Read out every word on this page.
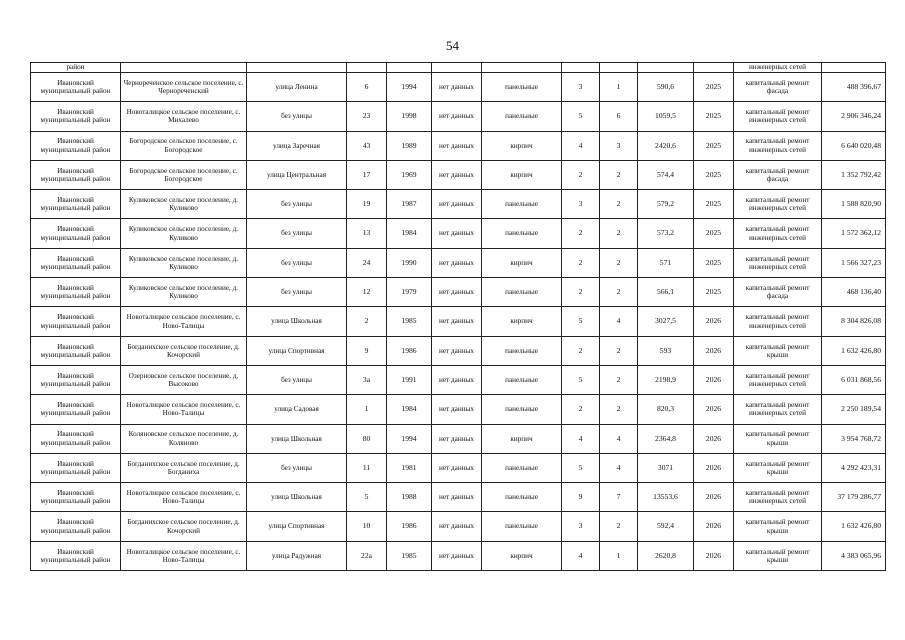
54
район											инженерных сетей	
Ивановский муниципальный район	Чернореченское сельское поселение, с. Чернореченский	улица Ленина	6	1994	нет данных	панельные	3	1	590,6	2025	капитальный ремонт фасада	488 396,67
Ивановский муниципальный район	Новоталицкое сельское поселение, с. Михалево	без улицы	23	1998	нет данных	панельные	5	6	1059,5	2025	капитальный ремонт инженерных сетей	2 906 346,24
Ивановский муниципальный район	Богородское сельское поселение, с. Богородское	улица Заречная	43	1989	нет данных	кирпич	4	3	2420,6	2025	капитальный ремонт инженерных сетей	6 640 020,48
Ивановский муниципальный район	Богородское сельское поселение, с. Богородское	улица Центральная	17	1969	нет данных	кирпич	2	2	574,4	2025	капитальный ремонт фасада	1 352 792,42
Ивановский муниципальный район	Куликовское сельское поселение, д. Куликово	без улицы	19	1987	нет данных	панельные	3	2	579,2	2025	капитальный ремонт инженерных сетей	1 588 820,90
Ивановский муниципальный район	Куликовское сельское поселение, д. Куликово	без улицы	13	1984	нет данных	панельные	2	2	573,2	2025	капитальный ремонт инженерных сетей	1 572 362,12
Ивановский муниципальный район	Куликовское сельское поселение, д. Куликово	без улицы	24	1990	нет данных	кирпич	2	2	571	2025	капитальный ремонт инженерных сетей	1 566 327,23
Ивановский муниципальный район	Куликовское сельское поселение, д. Куликово	без улицы	12	1979	нет данных	панельные	2	2	566,1	2025	капитальный ремонт фасада	468 136,40
Ивановский муниципальный район	Новоталицкое сельское поселение, с. Ново-Талицы	улица Школьная	2	1985	нет данных	кирпич	5	4	3027,5	2026	капитальный ремонт инженерных сетей	8 304 826,08
Ивановский муниципальный район	Богданихское сельское поселение, д. Кочорский	улица Спортивная	9	1986	нет данных	панельные	2	2	593	2026	капитальный ремонт крыши	1 632 426,80
Ивановский муниципальный район	Озерновское сельское поселение, д. Высоково	без улицы	3а	1991	нет данных	панельные	5	2	2198,9	2026	капитальный ремонт инженерных сетей	6 031 868,56
Ивановский муниципальный район	Новоталицкое сельское поселение, с. Ново-Талицы	улица Садовая	1	1984	нет данных	панельные	2	2	820,3	2026	капитальный ремонт инженерных сетей	2 250 189,54
Ивановский муниципальный район	Коляновское сельское поселение, д. Коляново	улица Школьная	80	1994	нет данных	кирпич	4	4	2364,8	2026	капитальный ремонт крыши	3 954 768,72
Ивановский муниципальный район	Богданихское сельское поселение, д. Богданиха	без улицы	11	1981	нет данных	панельные	5	4	3071	2026	капитальный ремонт крыши	4 292 423,31
Ивановский муниципальный район	Новоталицкое сельское поселение, с. Ново-Талицы	улица Школьная	5	1988	нет данных	панельные	9	7	13553,6	2026	капитальный ремонт инженерных сетей	37 179 286,77
Ивановский муниципальный район	Богданихское сельское поселение, д. Кочорский	улица Спортивная	10	1986	нет данных	панельные	3	2	592,4	2026	капитальный ремонт крыши	1 632 426,80
Ивановский муниципальный район	Новоталицкое сельское поселение, с. Ново-Талицы	улица Радужная	22а	1985	нет данных	кирпич	4	1	2620,8	2026	капитальный ремонт крыши	4 383 065,96
